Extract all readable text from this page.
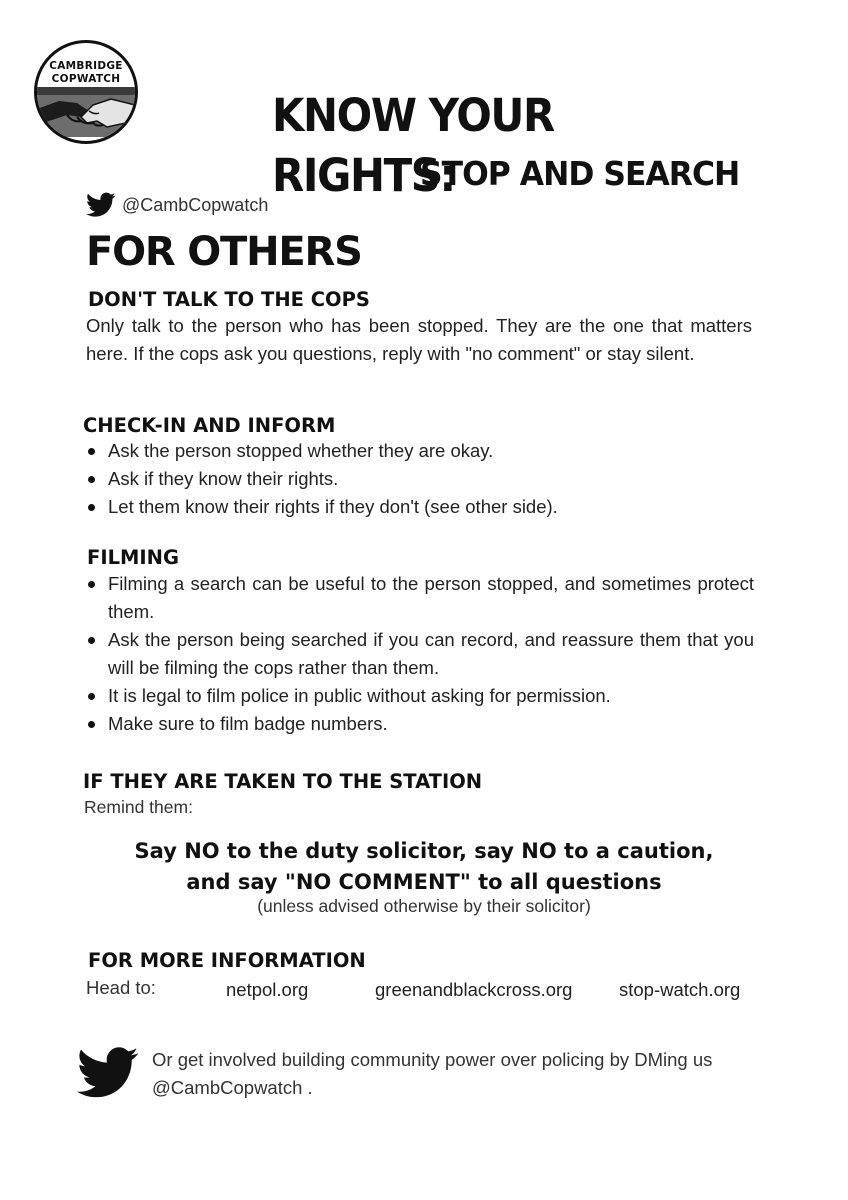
CAMBRIDGE
COPWATCH
KNOW YOUR RIGHTS:
STOP AND SEARCH
@CambCopwatch
FOR OTHERS
DON'T TALK TO THE COPS

Only talk to the person who has been stopped. They are the one that matters here. If the cops ask you questions, reply with "no comment" or stay silent.

CHECK-IN AND INFORM
Ask the person stopped whether they are okay.
Ask if they know their rights.
Let them know their rights if they don't (see other side).
FILMING
Filming a search can be useful to the person stopped, and sometimes protect them.
Ask the person being searched if you can record, and reassure them that you will be filming the cops rather than them.
It is legal to film police in public without asking for permission.
Make sure to film badge numbers.
IF THEY ARE TAKEN TO THE STATION
Remind them:
Say NO to the duty solicitor, say NO to a caution,
and say "NO COMMENT" to all questions
(unless advised otherwise by their solicitor)
FOR MORE INFORMATION
Head to:	netpol.org	greenandblackcross.org	stop-watch.org
Or get involved building community power over policing by DMing us @CambCopwatch .
